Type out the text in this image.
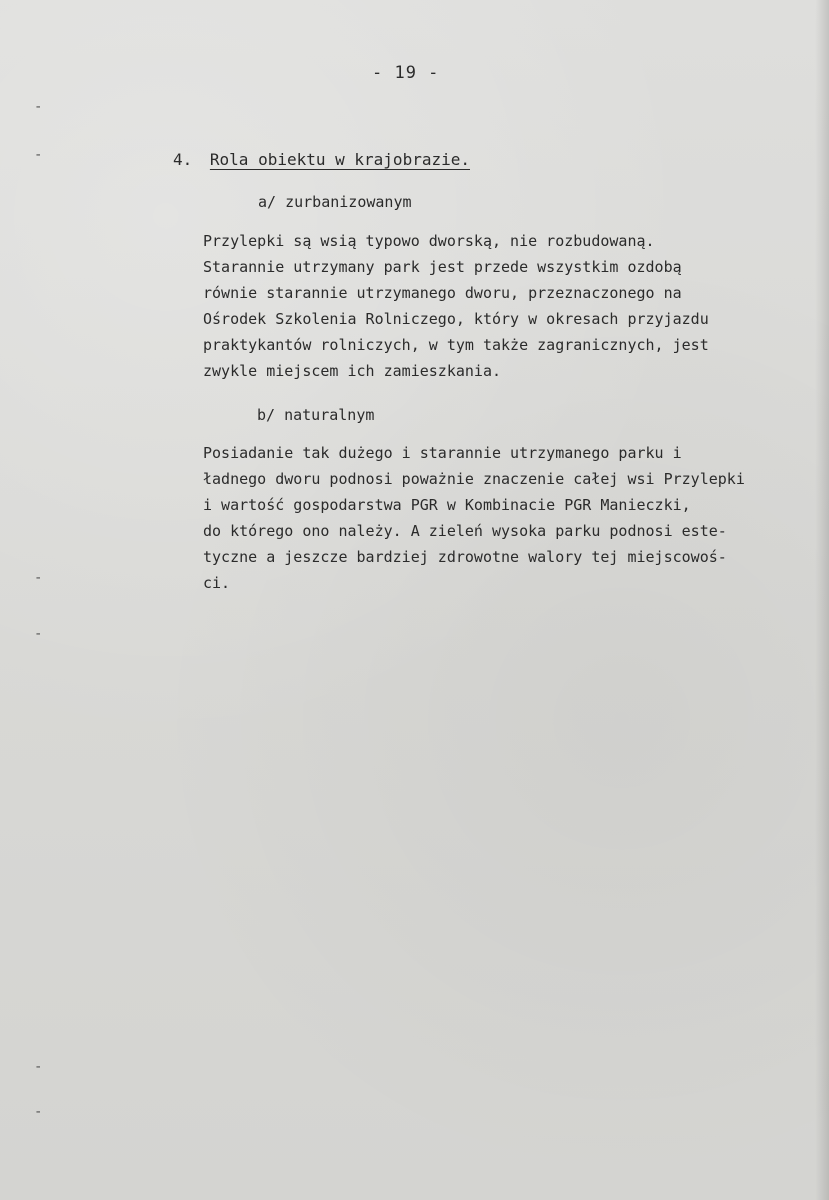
-
-
-
-
-
-
- 19 -
4. Rola obiektu w krajobrazie.
a/ zurbanizowanym
Przylepki są wsią typowo dworską, nie rozbudowaną.
Starannie utrzymany park jest przede wszystkim ozdobą
równie starannie utrzymanego dworu, przeznaczonego na
Ośrodek Szkolenia Rolniczego, który w okresach przyjazdu
praktykantów rolniczych, w tym także zagranicznych, jest
zwykle miejscem ich zamieszkania.
b/ naturalnym
Posiadanie tak dużego i starannie utrzymanego parku i
ładnego dworu podnosi poważnie znaczenie całej wsi Przylepki
i wartość gospodarstwa PGR w Kombinacie PGR Manieczki,
do którego ono należy. A zieleń wysoka parku podnosi este-
tyczne a jeszcze bardziej zdrowotne walory tej miejscowoś-
ci.
